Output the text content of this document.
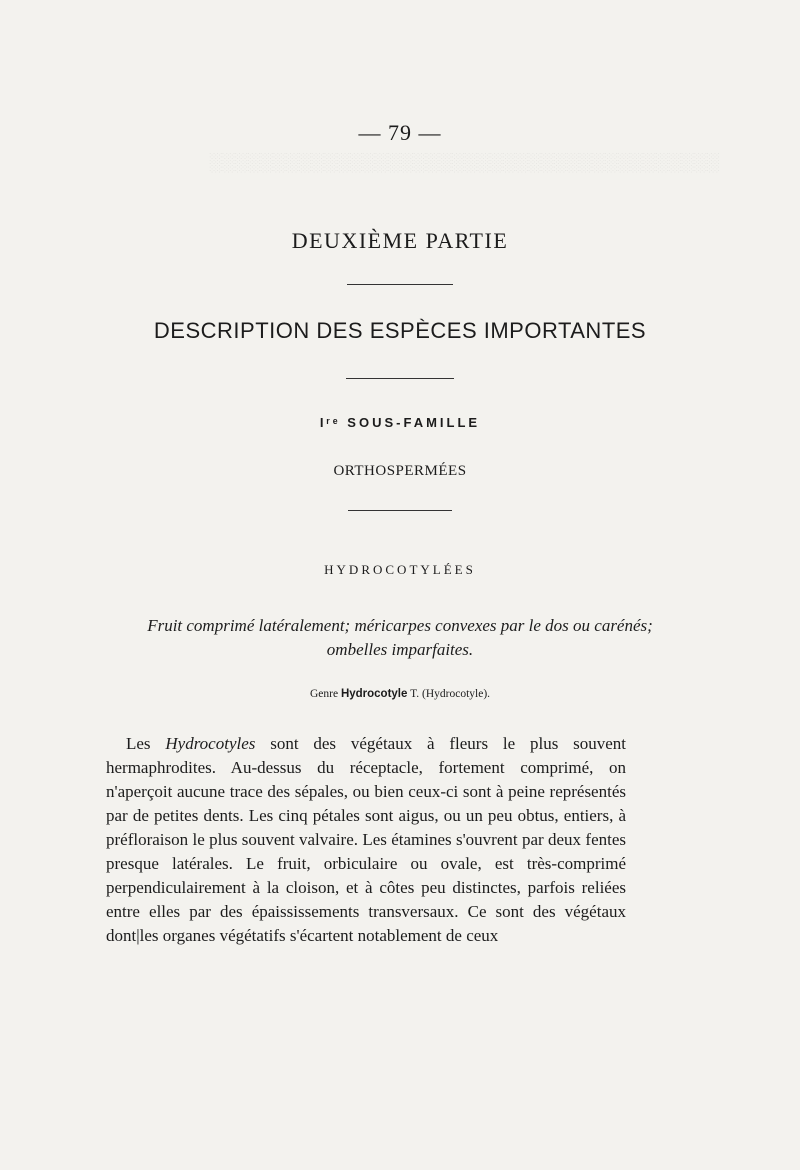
░░░░░░░░░░░░░░░░░░░░░░░░░░░░░░░░░░░░░░░░
— 79 —
DEUXIÈME PARTIE
DESCRIPTION DES ESPÈCES IMPORTANTES
Iʳᵉ SOUS-FAMILLE
ORTHOSPERMÉES
HYDROCOTYLÉES
Fruit comprimé latéralement; méricarpes convexes par le dos ou carénés; ombelles imparfaites.
Genre Hydrocotyle T. (Hydrocotyle).

Les Hydrocotyles sont des végétaux à fleurs le plus souvent hermaphrodites. Au-dessus du réceptacle, fortement comprimé, on n'aperçoit aucune trace des sépales, ou bien ceux-ci sont à peine représentés par de petites dents. Les cinq pétales sont aigus, ou un peu obtus, entiers, à préfloraison le plus souvent valvaire. Les étamines s'ouvrent par deux fentes presque latérales. Le fruit, orbiculaire ou ovale, est très-comprimé perpendiculairement à la cloison, et à côtes peu distinctes, parfois reliées entre elles par des épaississements transversaux. Ce sont des végétaux dont|les organes végétatifs s'écartent notablement de ceux
